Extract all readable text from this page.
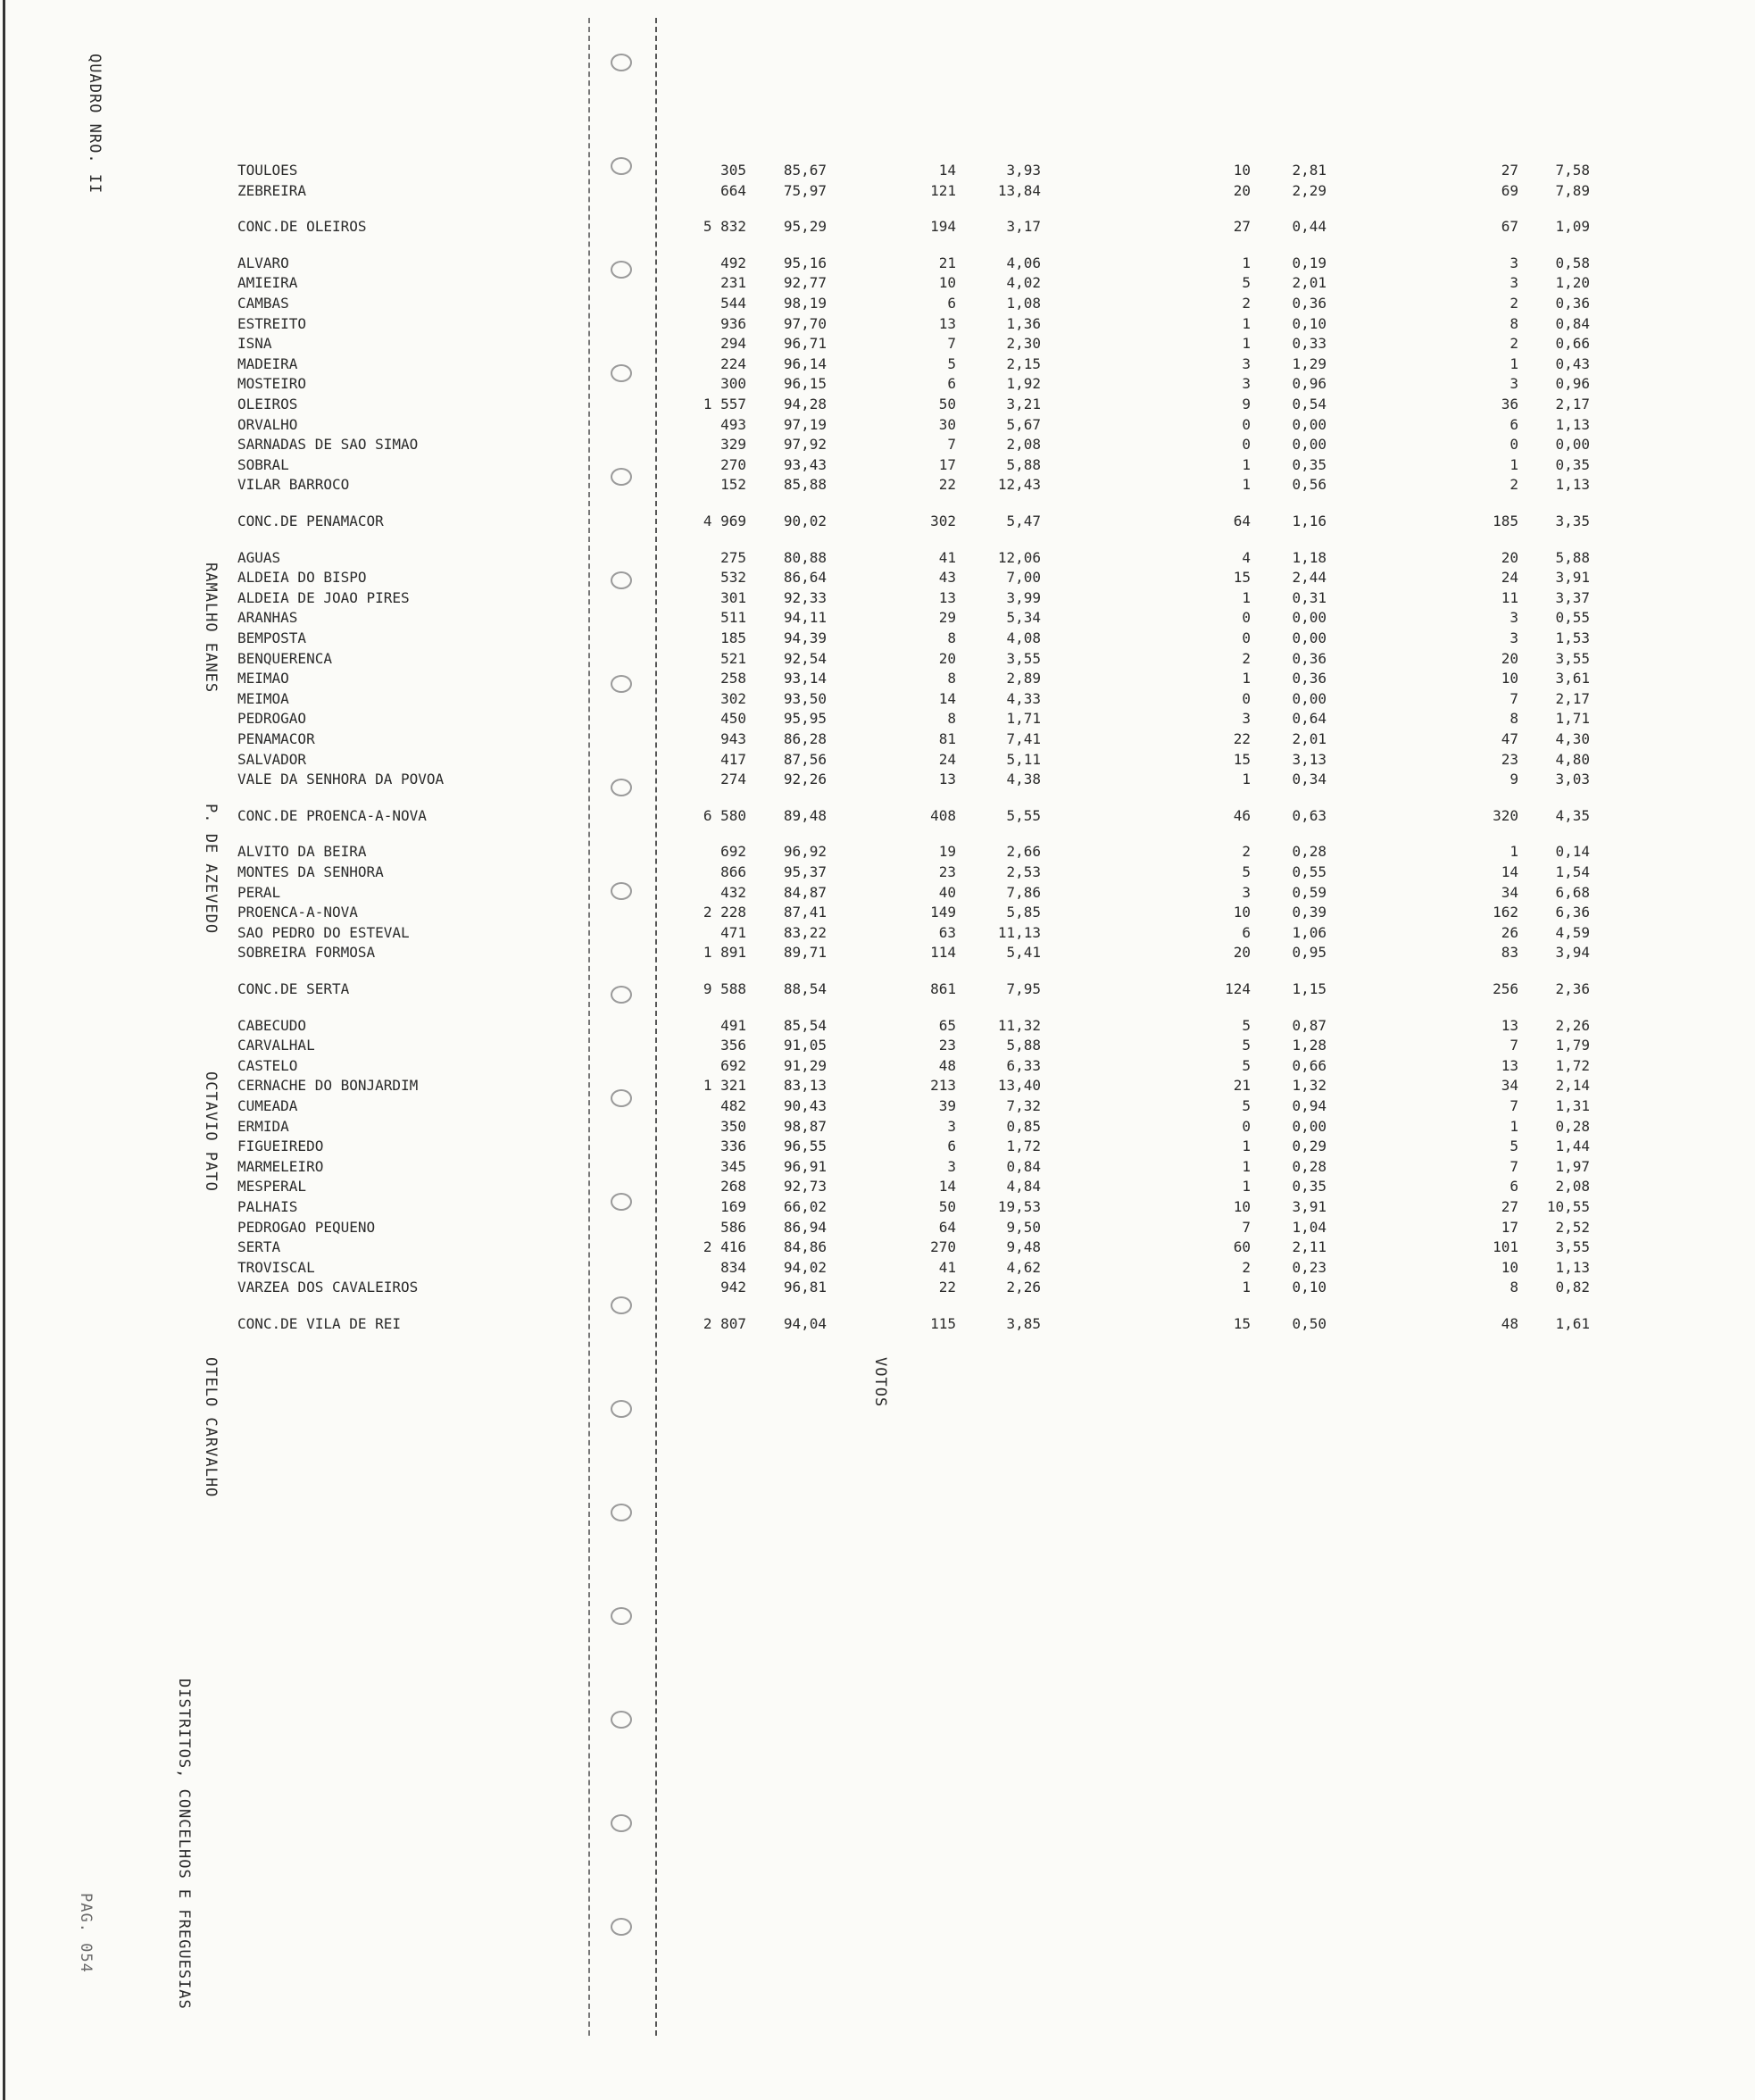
QUADRO NRO. II
PAG. 054	DISTRITOS, CONCELHOS E FREGUESIAS
VOTOS
TOULOES	305	85,67	14	3,93	10	2,81	27	7,58
ZEBREIRA	664	75,97	121	13,84	20	2,29	69	7,89
CONC.DE OLEIROS	5 832	95,29	194	3,17	27	0,44	67	1,09
ALVARO	492	95,16	21	4,06	1	0,19	3	0,58
AMIEIRA	231	92,77	10	4,02	5	2,01	3	1,20
CAMBAS	544	98,19	6	1,08	2	0,36	2	0,36
ESTREITO	936	97,70	13	1,36	1	0,10	8	0,84
ISNA	294	96,71	7	2,30	1	0,33	2	0,66
MADEIRA	224	96,14	5	2,15	3	1,29	1	0,43
MOSTEIRO	300	96,15	6	1,92	3	0,96	3	0,96
OLEIROS	1 557	94,28	50	3,21	9	0,54	36	2,17
ORVALHO	493	97,19	30	5,67	0	0,00	6	1,13
SARNADAS DE SAO SIMAO	329	97,92	7	2,08	0	0,00	0	0,00
SOBRAL	270	93,43	17	5,88	1	0,35	1	0,35
VILAR BARROCO	152	85,88	22	12,43	1	0,56	2	1,13
CONC.DE PENAMACOR	4 969	90,02	302	5,47	64	1,16	185	3,35
AGUAS	275	80,88	41	12,06	4	1,18	20	5,88
ALDEIA DO BISPO	532	86,64	43	7,00	15	2,44	24	3,91
ALDEIA DE JOAO PIRES	301	92,33	13	3,99	1	0,31	11	3,37
ARANHAS	511	94,11	29	5,34	0	0,00	3	0,55
BEMPOSTA	185	94,39	8	4,08	0	0,00	3	1,53
BENQUERENCA	521	92,54	20	3,55	2	0,36	20	3,55
MEIMAO	258	93,14	8	2,89	1	0,36	10	3,61
MEIMOA	302	93,50	14	4,33	0	0,00	7	2,17
PEDROGAO	450	95,95	8	1,71	3	0,64	8	1,71
PENAMACOR	943	86,28	81	7,41	22	2,01	47	4,30
SALVADOR	417	87,56	24	5,11	15	3,13	23	4,80
VALE DA SENHORA DA POVOA	274	92,26	13	4,38	1	0,34	9	3,03
CONC.DE PROENCA-A-NOVA	6 580	89,48	408	5,55	46	0,63	320	4,35
ALVITO DA BEIRA	692	96,92	19	2,66	2	0,28	1	0,14
MONTES DA SENHORA	866	95,37	23	2,53	5	0,55	14	1,54
PERAL	432	84,87	40	7,86	3	0,59	34	6,68
PROENCA-A-NOVA	2 228	87,41	149	5,85	10	0,39	162	6,36
SAO PEDRO DO ESTEVAL	471	83,22	63	11,13	6	1,06	26	4,59
SOBREIRA FORMOSA	1 891	89,71	114	5,41	20	0,95	83	3,94
CONC.DE SERTA	9 588	88,54	861	7,95	124	1,15	256	2,36
CABECUDO	491	85,54	65	11,32	5	0,87	13	2,26
CARVALHAL	356	91,05	23	5,88	5	1,28	7	1,79
CASTELO	692	91,29	48	6,33	5	0,66	13	1,72
CERNACHE DO BONJARDIM	1 321	83,13	213	13,40	21	1,32	34	2,14
CUMEADA	482	90,43	39	7,32	5	0,94	7	1,31
ERMIDA	350	98,87	3	0,85	0	0,00	1	0,28
FIGUEIREDO	336	96,55	6	1,72	1	0,29	5	1,44
MARMELEIRO	345	96,91	3	0,84	1	0,28	7	1,97
MESPERAL	268	92,73	14	4,84	1	0,35	6	2,08
PALHAIS	169	66,02	50	19,53	10	3,91	27	10,55
PEDROGAO PEQUENO	586	86,94	64	9,50	7	1,04	17	2,52
SERTA	2 416	84,86	270	9,48	60	2,11	101	3,55
TROVISCAL	834	94,02	41	4,62	2	0,23	10	1,13
VARZEA DOS CAVALEIROS	942	96,81	22	2,26	1	0,10	8	0,82
CONC.DE VILA DE REI	2 807	94,04	115	3,85	15	0,50	48	1,61
RAMALHO EANES
P. DE AZEVEDO
OCTAVIO PATO
OTELO CARVALHO
